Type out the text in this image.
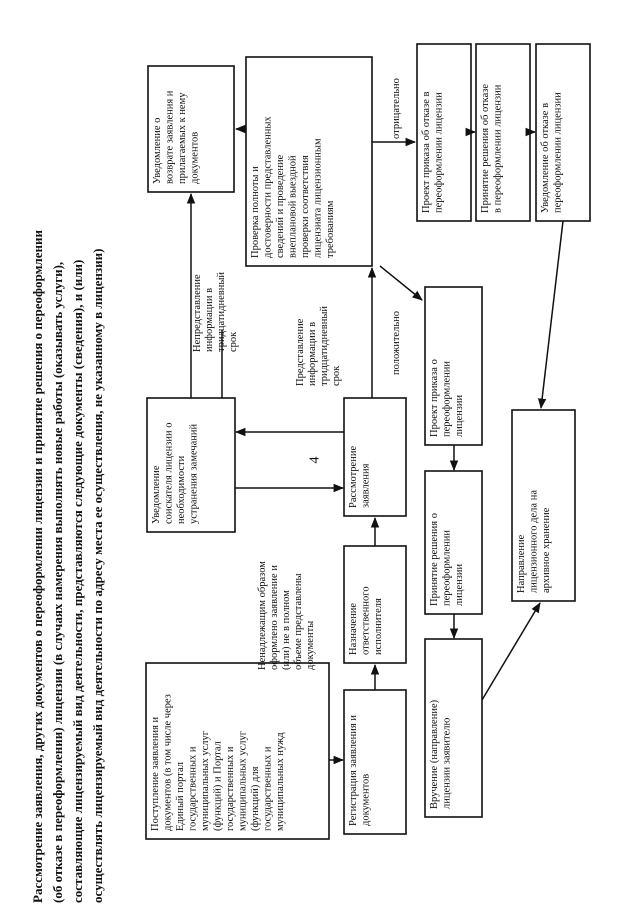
Рассмотрение заявления, других документов о переоформлении лицензии и принятие решения о переоформлении (об отказе в переоформлении) лицензии (в случаях намерения выполнять новые работы (оказывать услуги), составляющие лицензируемый вид деятельности, представляются следующие документы (сведения), и (или) осуществлять лицензируемый вид деятельности по адресу места ее осуществления, не указанному в лицензии)	4
Поступление заявления и документов (в том числе через Единый портал государственных и муниципальных услуг (функций) и Портал государственных и муниципальных услуг (функций) для государственных и муниципальных нужд	Регистрация заявления и документов
Назначение ответственного исполнителя
Рассмотрение заявления
Уведомление соискателя лицензии о необходимости устранения замечаний
Уведомление о возврате заявления и прилагаемых к нему документов
Проверка полноты и достоверности представленных сведений и проведение внеплановой выездной проверки соответствия лицензиата лицензионным требованиям
Проект приказа об отказе в переоформлении лицензии	Принятие решения об отказе в переоформлении лицензии	Уведомление об отказе в переоформлении лицензии
Проект приказа о переоформлении лицензии
Принятие решения о переоформлении лицензии
Вручение (направление) лицензии заявителю
Направление лицензионного дела на архивное хранение
Ненадлежащим образом
оформлено заявление и
(или) не в полном
объеме представлены
документы
Представление
информации в
тридцатидневный
срок
Непредставление
информации в
тридцатидневный
срок
отрицательно
положительно
